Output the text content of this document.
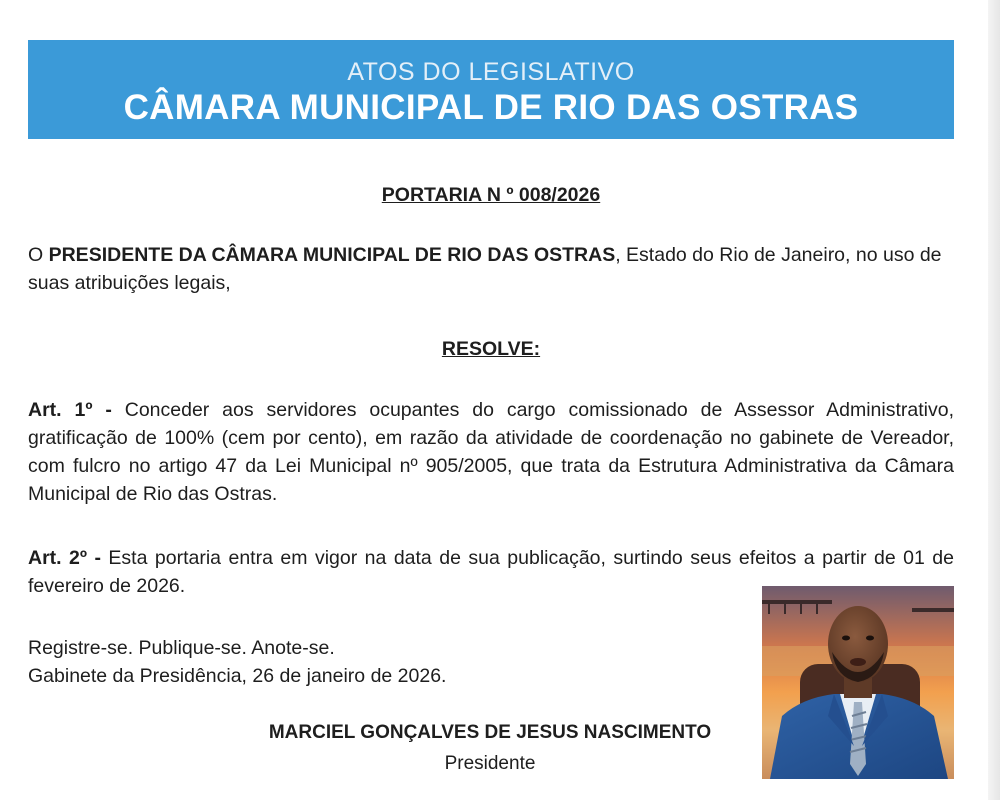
ATOS DO LEGISLATIVO
CÂMARA MUNICIPAL DE RIO DAS OSTRAS
PORTARIA N º 008/2026
O PRESIDENTE DA CÂMARA MUNICIPAL DE RIO DAS OSTRAS, Estado do Rio de Janeiro, no uso de suas atribuições legais,
RESOLVE:
Art. 1º - Conceder aos servidores ocupantes do cargo comissionado de Assessor Administrativo, gratificação de 100% (cem por cento), em razão da atividade de coordenação no gabinete de Vereador, com fulcro no artigo 47 da Lei Municipal nº 905/2005, que trata da Estrutura Administrativa da Câmara Municipal de Rio das Ostras.
Art. 2º - Esta portaria entra em vigor na data de sua publicação, surtindo seus efeitos a partir de 01 de fevereiro de 2026.
Registre-se. Publique-se. Anote-se.
Gabinete da Presidência, 26 de janeiro de 2026.
MARCIEL GONÇALVES DE JESUS NASCIMENTO
Presidente
